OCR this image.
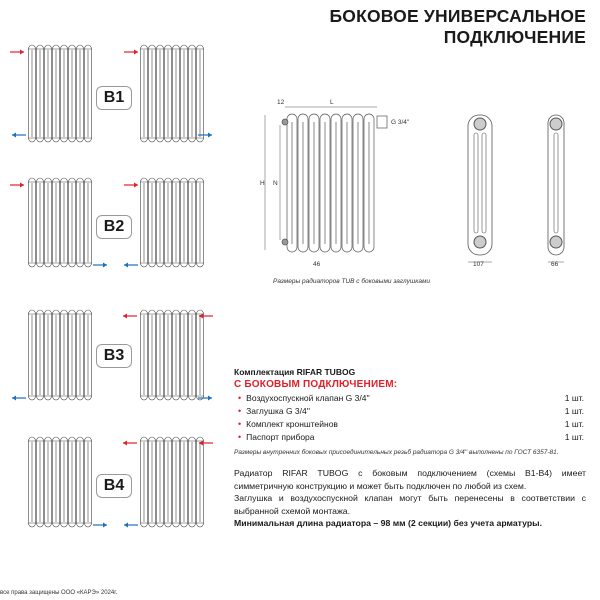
БОКОВОЕ УНИВЕРСАЛЬНОЕ
ПОДКЛЮЧЕНИЕ
B1
B2
B3
B4
L
12
H N
46
G 3/4''
107	66
Размеры радиаторов TUB с боковыми заглушками
Комплектация RIFAR TUBOG
С БОКОВЫМ ПОДКЛЮЧЕНИЕМ:
• Воздухоспускной клапан G 3/4''	1 шт.
• Заглушка G 3/4''	1 шт.
• Комплект кронштейнов	1 шт.
• Паспорт прибора	1 шт.
Размеры внутренних боковых присоединительных резьб радиатора G 3/4'' выполнены по ГОСТ 6357-81.
Радиатор RIFAR TUBOG с боковым подключением (схемы В1-В4) имеет симметричную конструкцию и может быть подключен по любой из схем.
Заглушка и воздухоспускной клапан могут быть перенесены в соответствии с выбранной схемой монтажа.
Минимальная длина радиатора – 98 мм (2 секции) без учета арматуры.
все права защищены ООО «КАРЭ» 2024г.
